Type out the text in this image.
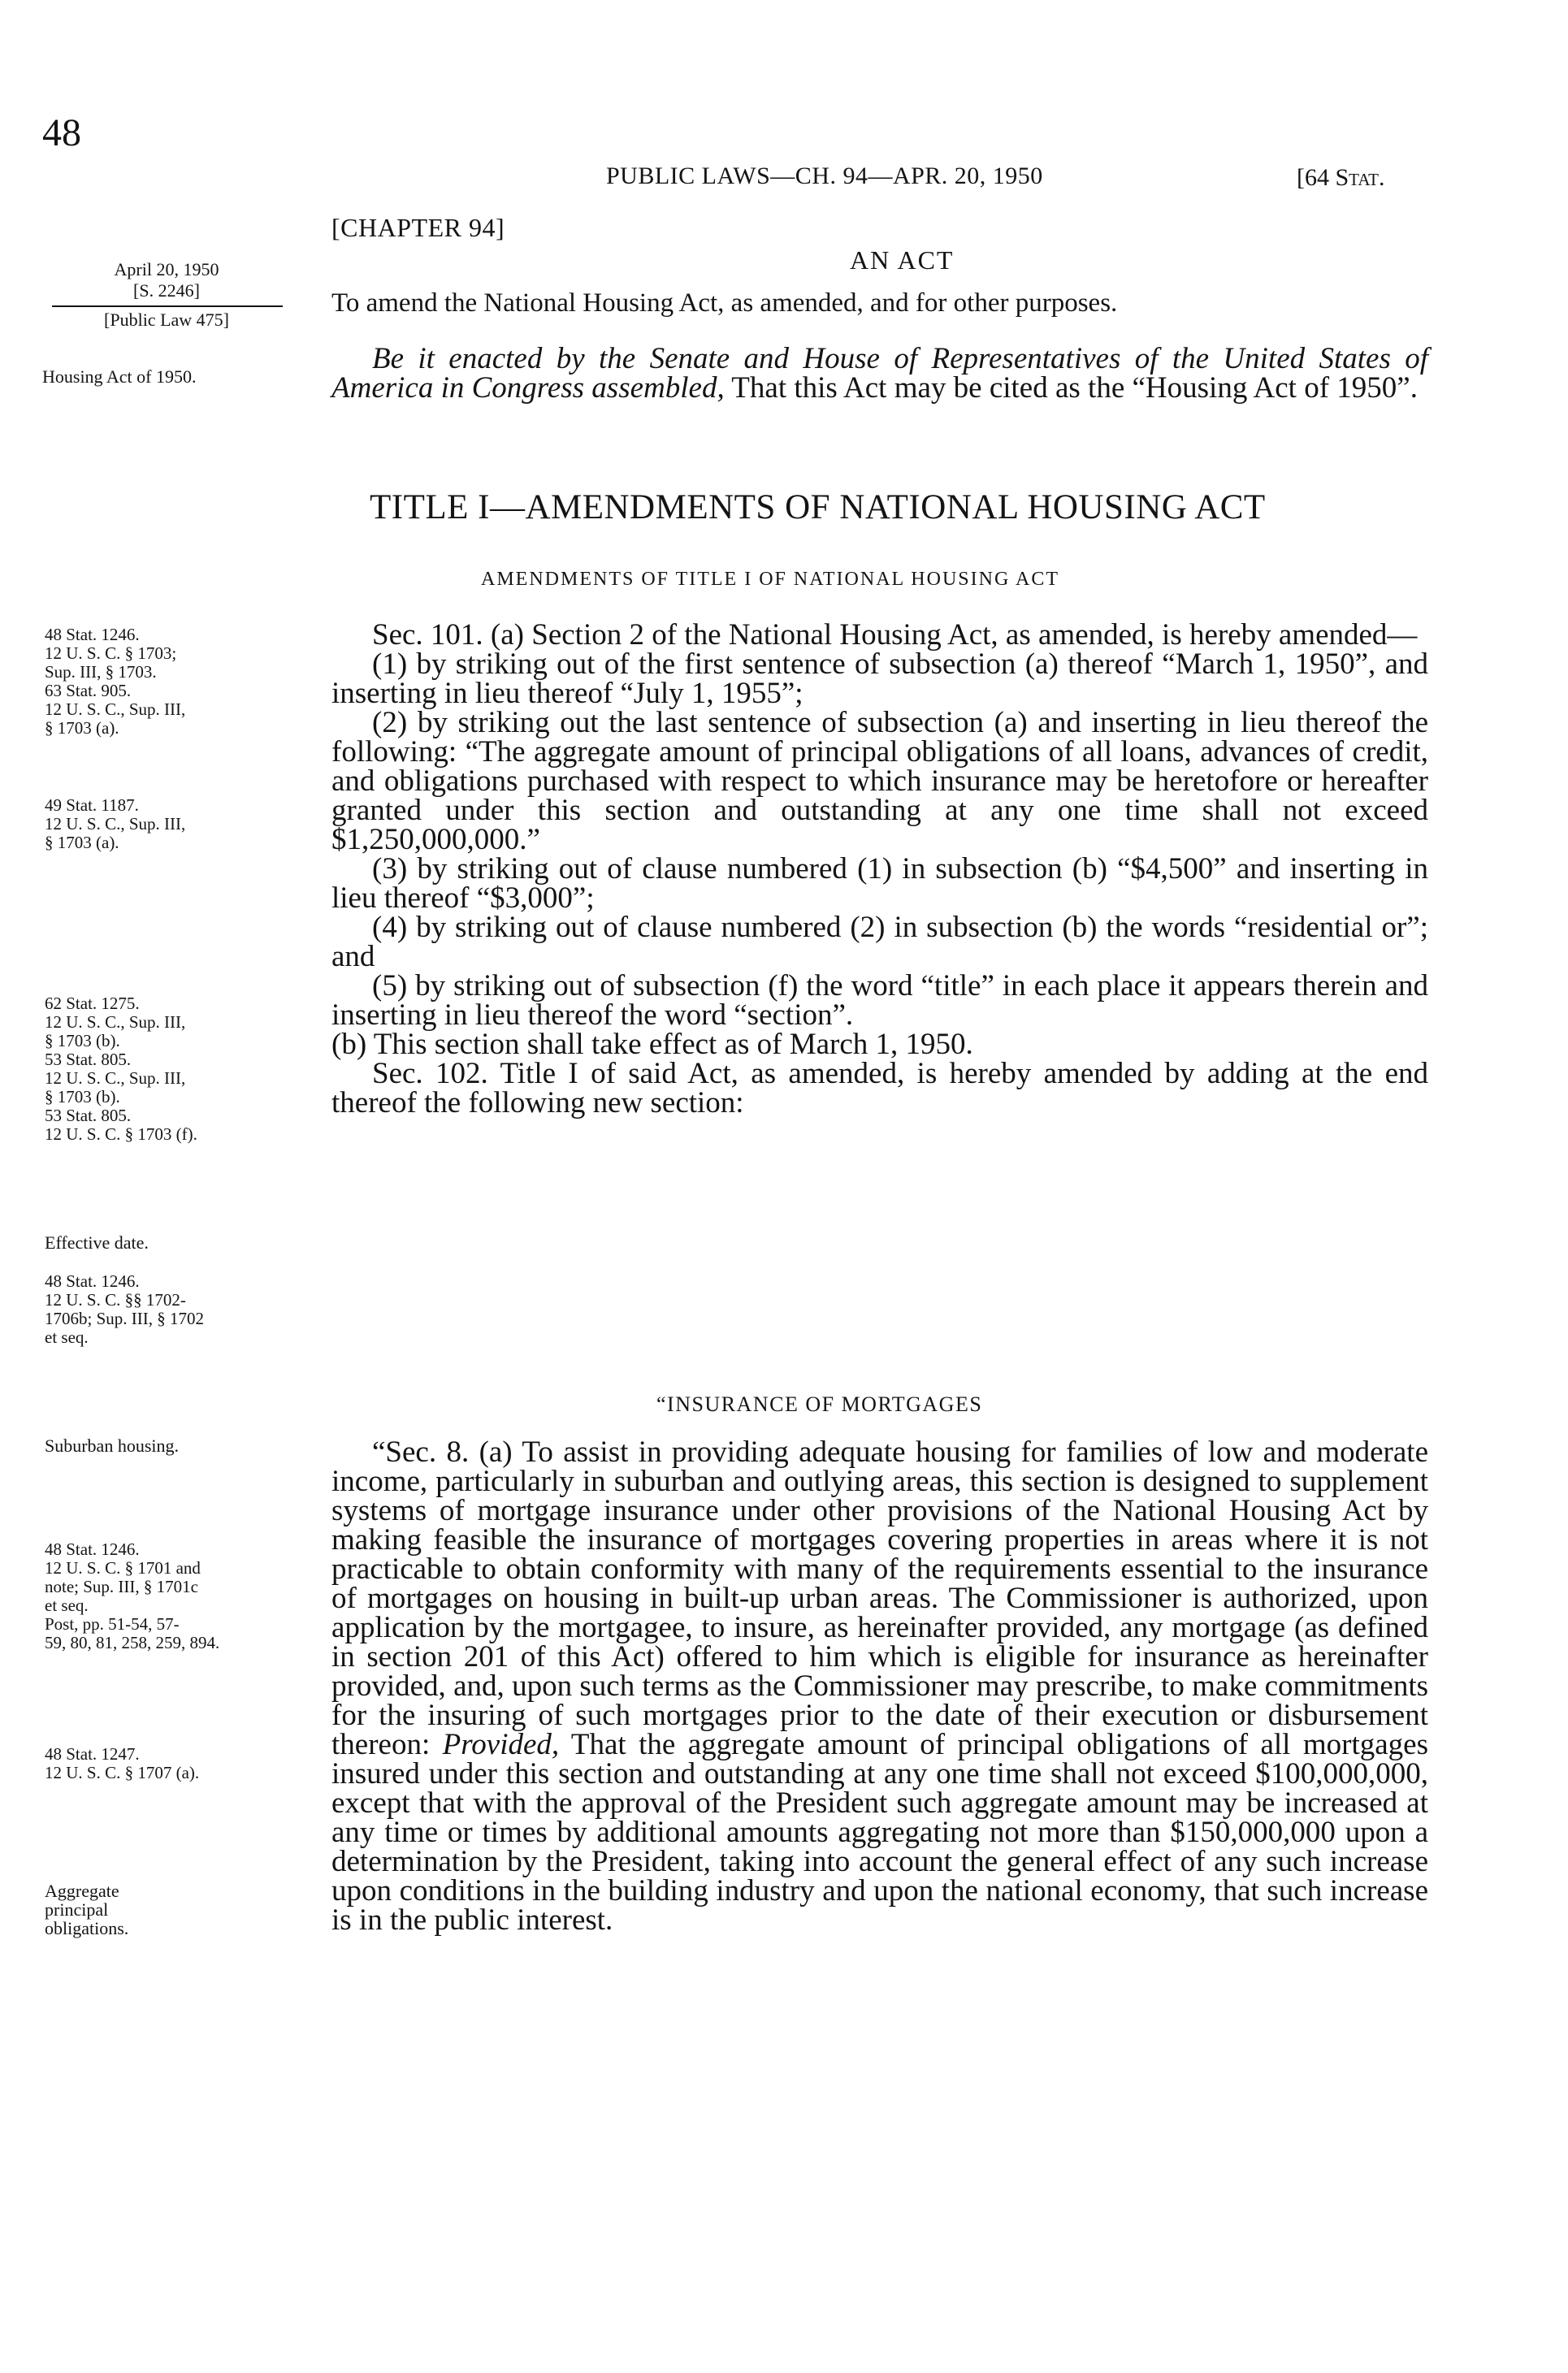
48
PUBLIC LAWS—CH. 94—APR. 20, 1950	[64 Stat.
[CHAPTER 94]
AN ACT
To amend the National Housing Act, as amended, and for other purposes.
April 20, 1950
[S. 2246]
[Public Law 475]
Housing Act of 1950.

Be it enacted by the Senate and House of Representatives of the United States of America in Congress assembled, That this Act may be cited as the “Housing Act of 1950”.

TITLE I—AMENDMENTS OF NATIONAL HOUSING ACT
AMENDMENTS OF TITLE I OF NATIONAL HOUSING ACT
48 Stat. 1246.
12 U. S. C. § 1703;
Sup. III, § 1703.
63 Stat. 905.
12 U. S. C., Sup. III,
§ 1703 (a).
49 Stat. 1187.
12 U. S. C., Sup. III,
§ 1703 (a).
62 Stat. 1275.
12 U. S. C., Sup. III,
§ 1703 (b).
53 Stat. 805.
12 U. S. C., Sup. III,
§ 1703 (b).
53 Stat. 805.
12 U. S. C. § 1703 (f).
Effective date.
48 Stat. 1246.
12 U. S. C. §§ 1702-
1706b; Sup. III, § 1702
et seq.

Sec. 101. (a) Section 2 of the National Housing Act, as amended, is hereby amended—

(1) by striking out of the first sentence of subsection (a) thereof “March 1, 1950”, and inserting in lieu thereof “July 1, 1955”;

(2) by striking out the last sentence of subsection (a) and inserting in lieu thereof the following: “The aggregate amount of principal obligations of all loans, advances of credit, and obligations purchased with respect to which insurance may be heretofore or hereafter granted under this section and outstanding at any one time shall not exceed $1,250,000,000.”

(3) by striking out of clause numbered (1) in subsection (b) “$4,500” and inserting in lieu thereof “$3,000”;

(4) by striking out of clause numbered (2) in subsection (b) the words “residential or”; and

(5) by striking out of subsection (f) the word “title” in each place it appears therein and inserting in lieu thereof the word “section”.

(b) This section shall take effect as of March 1, 1950.

Sec. 102. Title I of said Act, as amended, is hereby amended by adding at the end thereof the following new section:

“INSURANCE OF MORTGAGES
Suburban housing.
48 Stat. 1246.
12 U. S. C. § 1701 and
note; Sup. III, § 1701c
et seq.
Post, pp. 51-54, 57-
59, 80, 81, 258, 259, 894.
48 Stat. 1247.
12 U. S. C. § 1707 (a).
Aggregate principal obligations.

“Sec. 8. (a) To assist in providing adequate housing for families of low and moderate income, particularly in suburban and outlying areas, this section is designed to supplement systems of mortgage insurance under other provisions of the National Housing Act by making feasible the insurance of mortgages covering properties in areas where it is not practicable to obtain conformity with many of the requirements essential to the insurance of mortgages on housing in built-up urban areas. The Commissioner is authorized, upon application by the mortgagee, to insure, as hereinafter provided, any mortgage (as defined in section 201 of this Act) offered to him which is eligible for insurance as hereinafter provided, and, upon such terms as the Commissioner may prescribe, to make commitments for the insuring of such mortgages prior to the date of their execution or disbursement thereon: Provided, That the aggregate amount of principal obligations of all mortgages insured under this section and outstanding at any one time shall not exceed $100,000,000, except that with the approval of the President such aggregate amount may be increased at any time or times by additional amounts aggregating not more than $150,000,000 upon a determination by the President, taking into account the general effect of any such increase upon conditions in the building industry and upon the national economy, that such increase is in the public interest.
